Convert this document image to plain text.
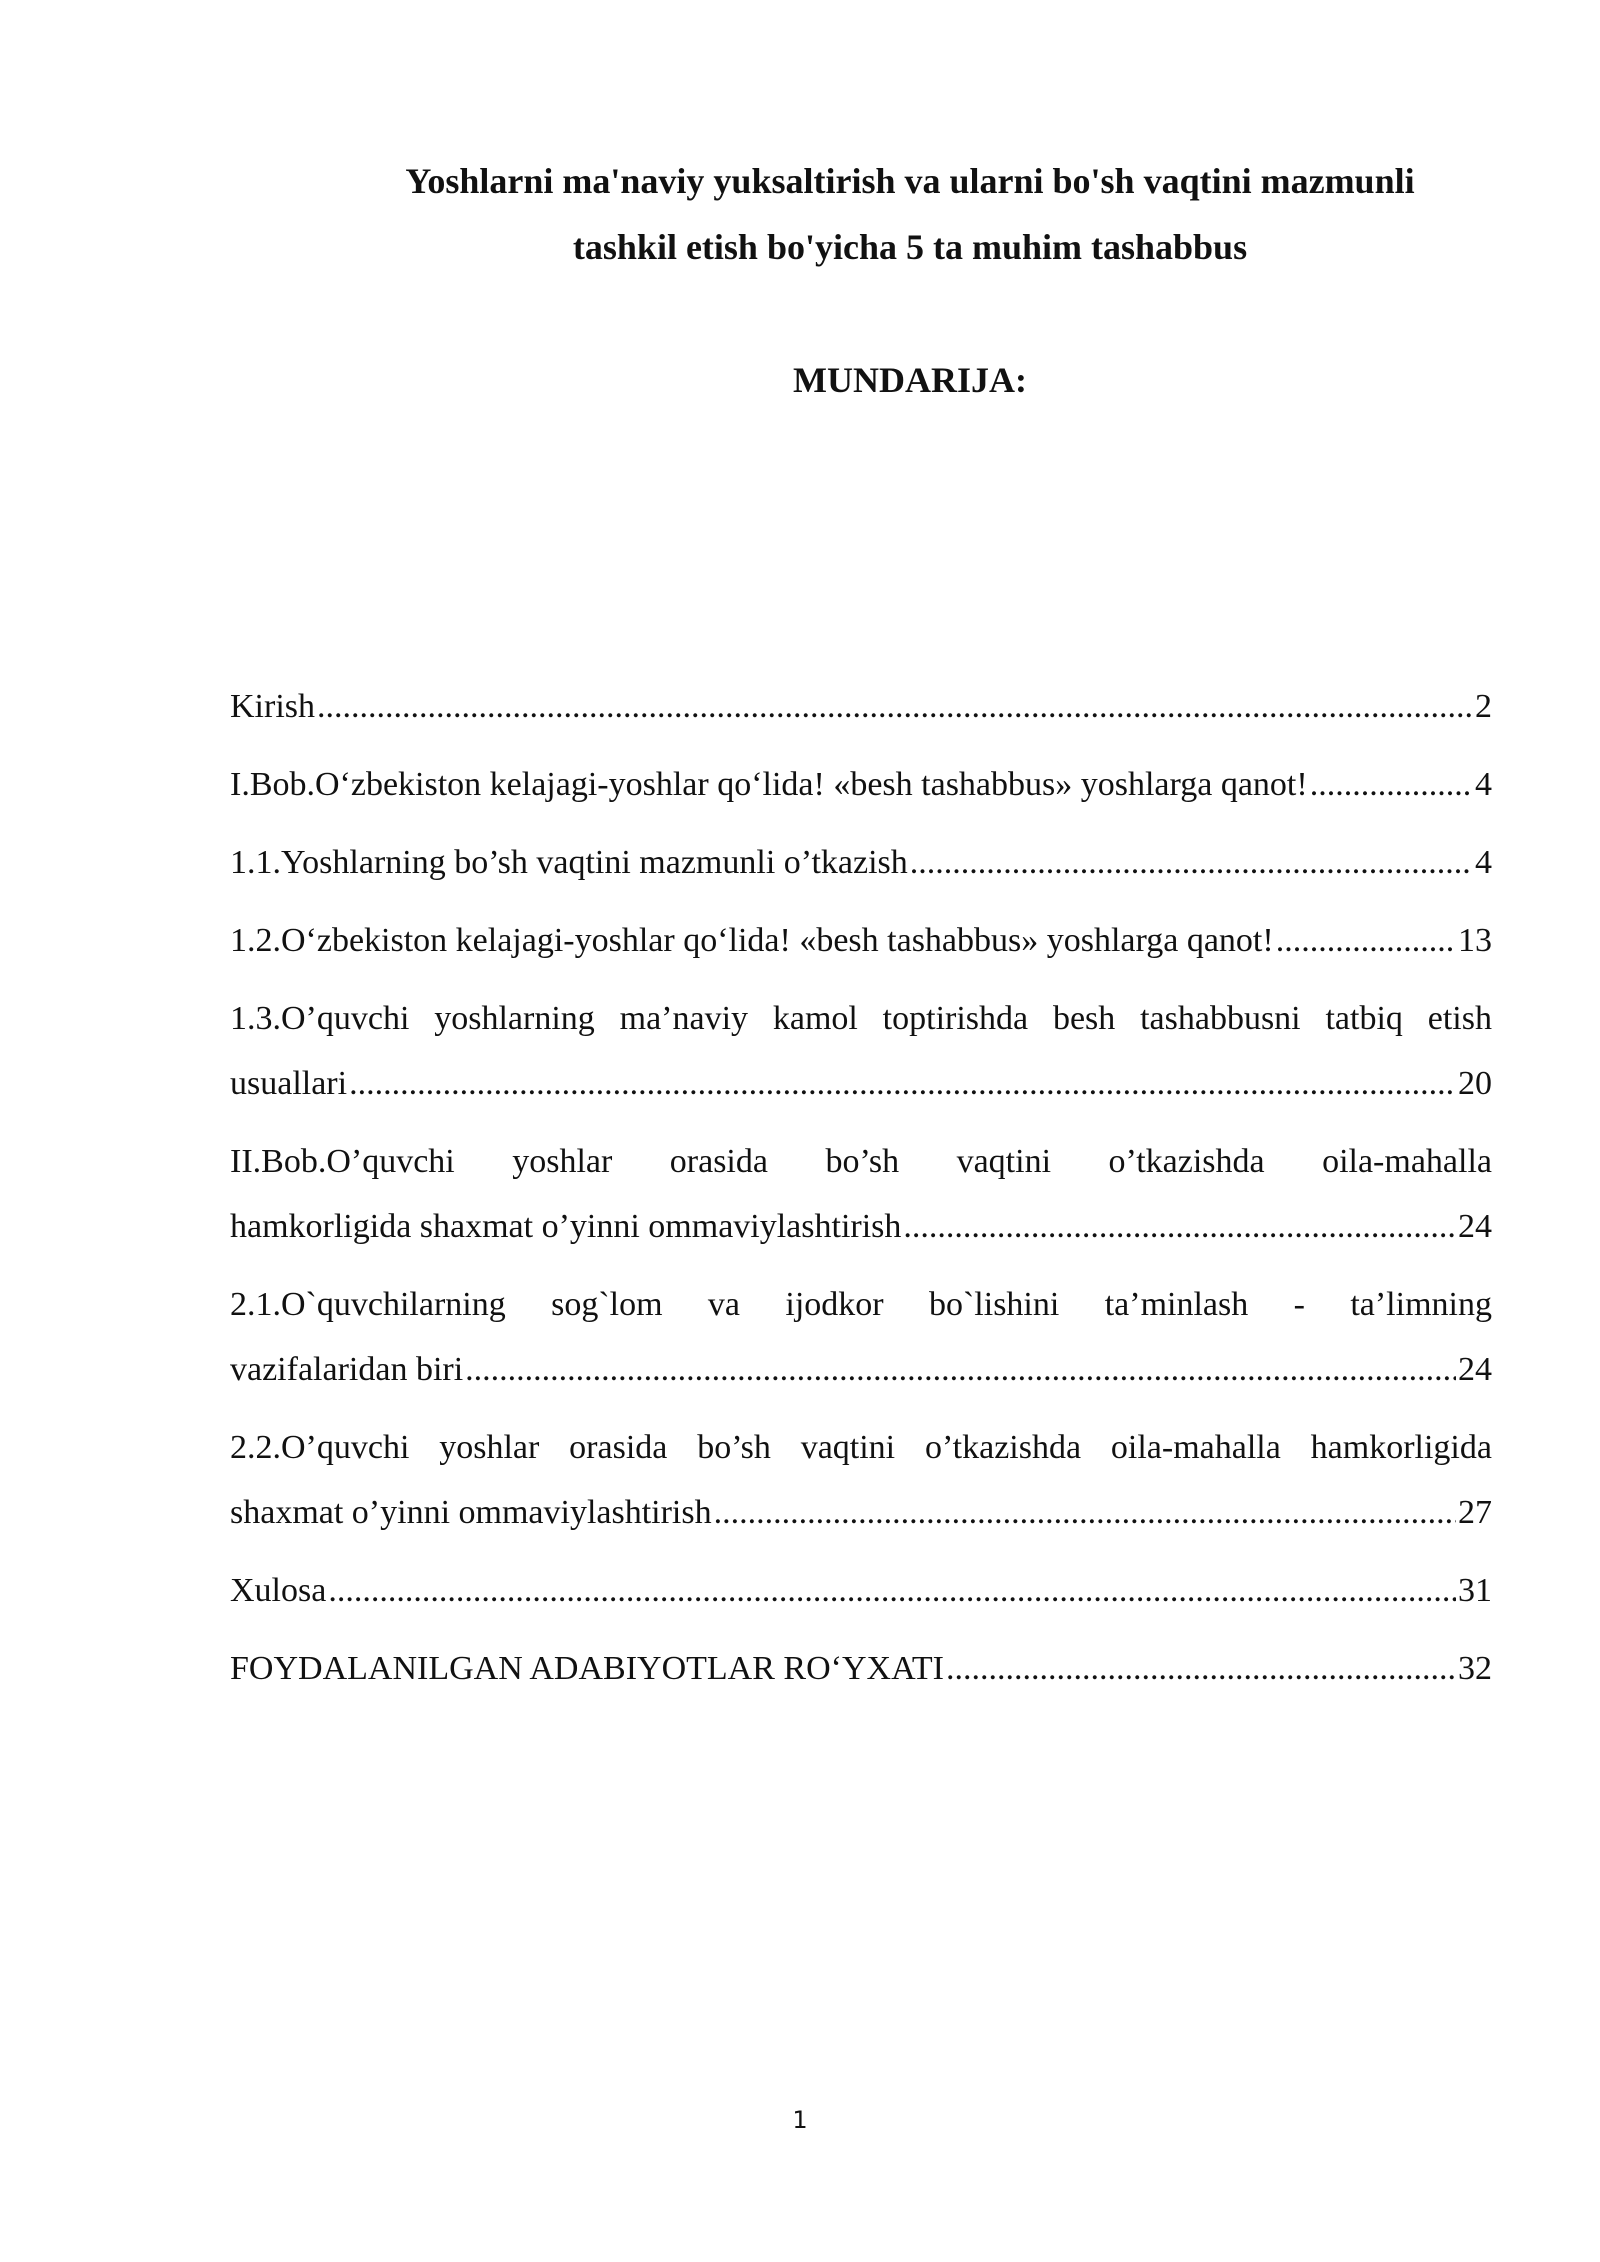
Yoshlarni ma'naviy yuksaltirish va ularni bo'sh vaqtini mazmunli
tashkil etish bo'yicha 5 ta muhim tashabbus
MUNDARIJA:
Kirish .....	2
I.Bob.O‘zbekiston kelajagi-yoshlar qo‘lida! «besh tashabbus» yoshlarga qanot! .....	4
1.1.Yoshlarning bo’sh vaqtini mazmunli o’tkazish .....	4
1.2.O‘zbekiston kelajagi-yoshlar qo‘lida! «besh tashabbus» yoshlarga qanot! .....	13
1.3.O’quvchi yoshlarning ma’naviy kamol toptirishda besh tashabbusni tatbiq etish
usuallari .....	20
II.Bob.O’quvchi yoshlar orasida bo’sh vaqtini o’tkazishda oila-mahalla
hamkorligida shaxmat o’yinni ommaviylashtirish .....	24
2.1.O`quvchilarning sog`lom va ijodkor bo`lishini ta’minlash - ta’limning
vazifalaridan biri .....	24
2.2.O’quvchi yoshlar orasida bo’sh vaqtini o’tkazishda oila-mahalla hamkorligida
shaxmat o’yinni ommaviylashtirish .....	27
Xulosa .....	31
FOYDALANILGAN ADABIYOTLAR RO‘YXATI .....	32
1
